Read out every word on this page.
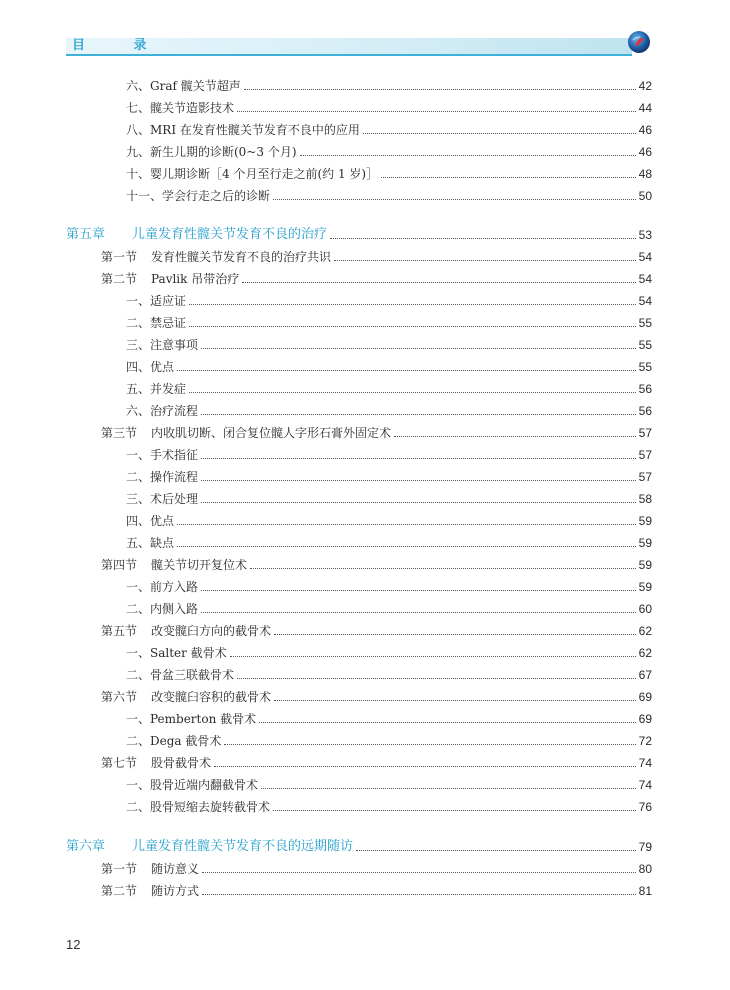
目 录
六、Graf 髋关节超声	42
七、髋关节造影技术	44
八、MRI 在发育性髋关节发育不良中的应用	46
九、新生儿期的诊断(0~3 个月)	46
十、婴儿期诊断［4 个月至行走之前(约 1 岁)］	48
十一、学会行走之后的诊断	50
第五章 儿童发育性髋关节发育不良的治疗	53
第一节 发育性髋关节发育不良的治疗共识	54
第二节 Pavlik 吊带治疗	54
一、适应证	54
二、禁忌证	55
三、注意事项	55
四、优点	55
五、并发症	56
六、治疗流程	56
第三节 内收肌切断、闭合复位髋人字形石膏外固定术	57
一、手术指征	57
二、操作流程	57
三、术后处理	58
四、优点	59
五、缺点	59
第四节 髋关节切开复位术	59
一、前方入路	59
二、内侧入路	60
第五节 改变髋臼方向的截骨术	62
一、Salter 截骨术	62
二、骨盆三联截骨术	67
第六节 改变髋臼容积的截骨术	69
一、Pemberton 截骨术	69
二、Dega 截骨术	72
第七节 股骨截骨术	74
一、股骨近端内翻截骨术	74
二、股骨短缩去旋转截骨术	76
第六章 儿童发育性髋关节发育不良的远期随访	79
第一节 随访意义	80
第二节 随访方式	81
12
